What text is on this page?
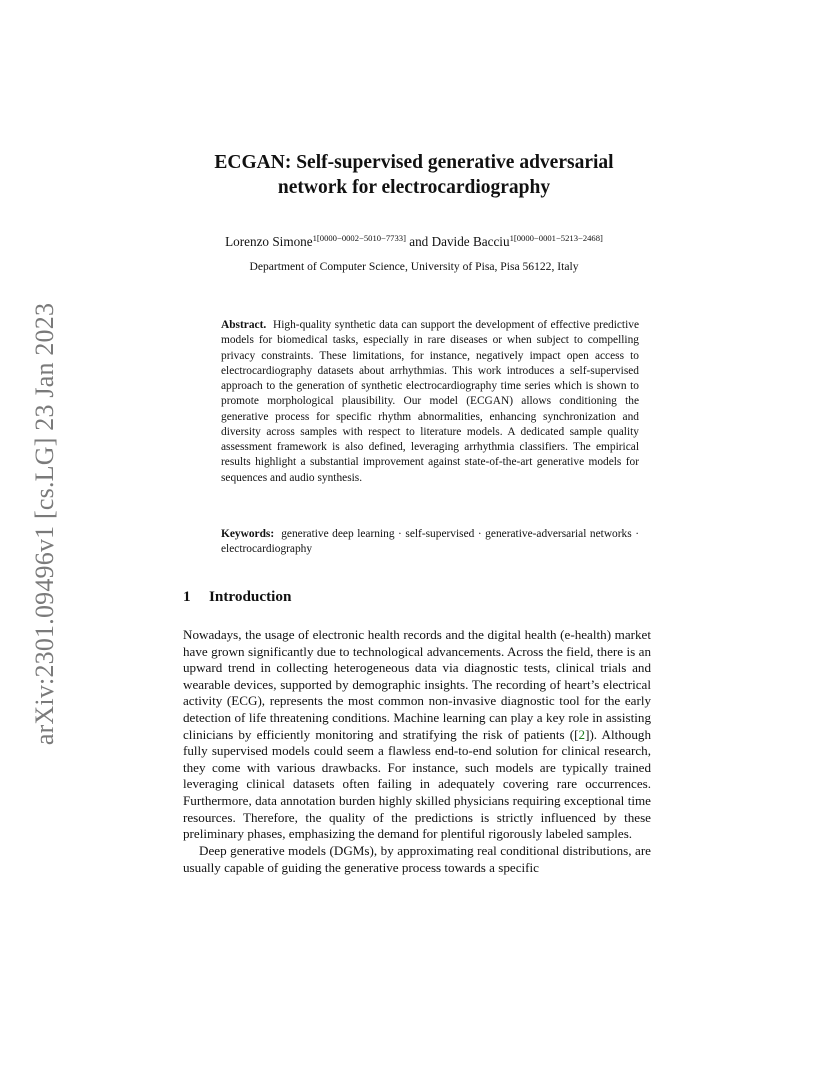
arXiv:2301.09496v1 [cs.LG] 23 Jan 2023
ECGAN: Self-supervised generative adversarial
network for electrocardiography
Lorenzo Simone$^{1[0000-0002-5010-7733]}$ and Davide Bacciu$^{1[0000-0001-5213-2468]}$
Department of Computer Science, University of Pisa, Pisa 56122, Italy
Abstract. High-quality synthetic data can support the development of effective predictive models for biomedical tasks, especially in rare diseases or when subject to compelling privacy constraints. These limitations, for instance, negatively impact open access to electrocardiography datasets about arrhythmias. This work introduces a self-supervised approach to the generation of synthetic electrocardiography time series which is shown to promote morphological plausibility. Our model (ECGAN) allows conditioning the generative process for specific rhythm abnormalities, enhancing synchronization and diversity across samples with respect to literature models. A dedicated sample quality assessment framework is also defined, leveraging arrhythmia classifiers. The empirical results highlight a substantial improvement against state-of-the-art generative models for sequences and audio synthesis.
Keywords: generative deep learning · self-supervised · generative-adversarial networks · electrocardiography
1 Introduction
Nowadays, the usage of electronic health records and the digital health (e-health) market have grown significantly due to technological advancements. Across the field, there is an upward trend in collecting heterogeneous data via diagnostic tests, clinical trials and wearable devices, supported by demographic insights. The recording of heart’s electrical activity (ECG), represents the most common non-invasive diagnostic tool for the early detection of life threatening conditions. Machine learning can play a key role in assisting clinicians by efficiently monitoring and stratifying the risk of patients ([2]). Although fully supervised models could seem a flawless end-to-end solution for clinical research, they come with various drawbacks. For instance, such models are typically trained leveraging clinical datasets often failing in adequately covering rare occurrences. Furthermore, data annotation burden highly skilled physicians requiring exceptional time resources. Therefore, the quality of the predictions is strictly influenced by these preliminary phases, emphasizing the demand for plentiful rigorously labeled samples.
Deep generative models (DGMs), by approximating real conditional distributions, are usually capable of guiding the generative process towards a specific
